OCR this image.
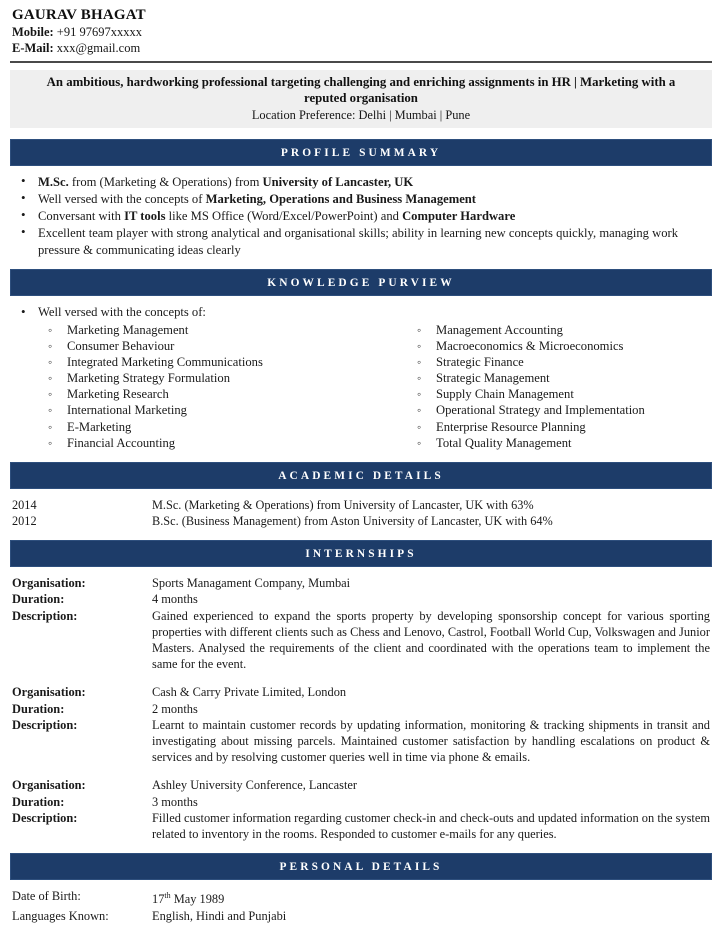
GAURAV BHAGAT
Mobile: +91 97697xxxxx
E-Mail: xxx@gmail.com
An ambitious, hardworking professional targeting challenging and enriching assignments in HR | Marketing with a reputed organisation
Location Preference: Delhi | Mumbai | Pune
PROFILE SUMMARY
• M.Sc. from (Marketing & Operations) from University of Lancaster, UK
• Well versed with the concepts of Marketing, Operations and Business Management
• Conversant with IT tools like MS Office (Word/Excel/PowerPoint) and Computer Hardware
• Excellent team player with strong analytical and organisational skills; ability in learning new concepts quickly, managing work pressure & communicating ideas clearly
KNOWLEDGE PURVIEW
• Well versed with the concepts of:
◦ Marketing Management
◦ Consumer Behaviour
◦ Integrated Marketing Communications
◦ Marketing Strategy Formulation
◦ Marketing Research
◦ International Marketing
◦ E-Marketing
◦ Financial Accounting
◦ Management Accounting
◦ Macroeconomics & Microeconomics
◦ Strategic Finance
◦ Strategic Management
◦ Supply Chain Management
◦ Operational Strategy and Implementation
◦ Enterprise Resource Planning
◦ Total Quality Management
ACADEMIC DETAILS
2014	M.Sc. (Marketing & Operations) from University of Lancaster, UK with 63%
2012	B.Sc. (Business Management) from Aston University of Lancaster, UK with 64%
INTERNSHIPS
Organisation:	Sports Managament Company, Mumbai
Duration:	4 months
Description:	Gained experienced to expand the sports property by developing sponsorship concept for various sporting properties with different clients such as Chess and Lenovo, Castrol, Football World Cup, Volkswagen and Junior Masters. Analysed the requirements of the client and coordinated with the operations team to implement the same for the event.
Organisation:	Cash & Carry Private Limited, London
Duration:	2 months
Description:	Learnt to maintain customer records by updating information, monitoring & tracking shipments in transit and investigating about missing parcels. Maintained customer satisfaction by handling escalations on product & services and by resolving customer queries well in time via phone & emails.
Organisation:	Ashley University Conference, Lancaster
Duration:	3 months
Description:	Filled customer information regarding customer check-in and check-outs and updated information on the system related to inventory in the rooms. Responded to customer e-mails for any queries.
PERSONAL DETAILS
Date of Birth:	17th May 1989
Languages Known:	English, Hindi and Punjabi
